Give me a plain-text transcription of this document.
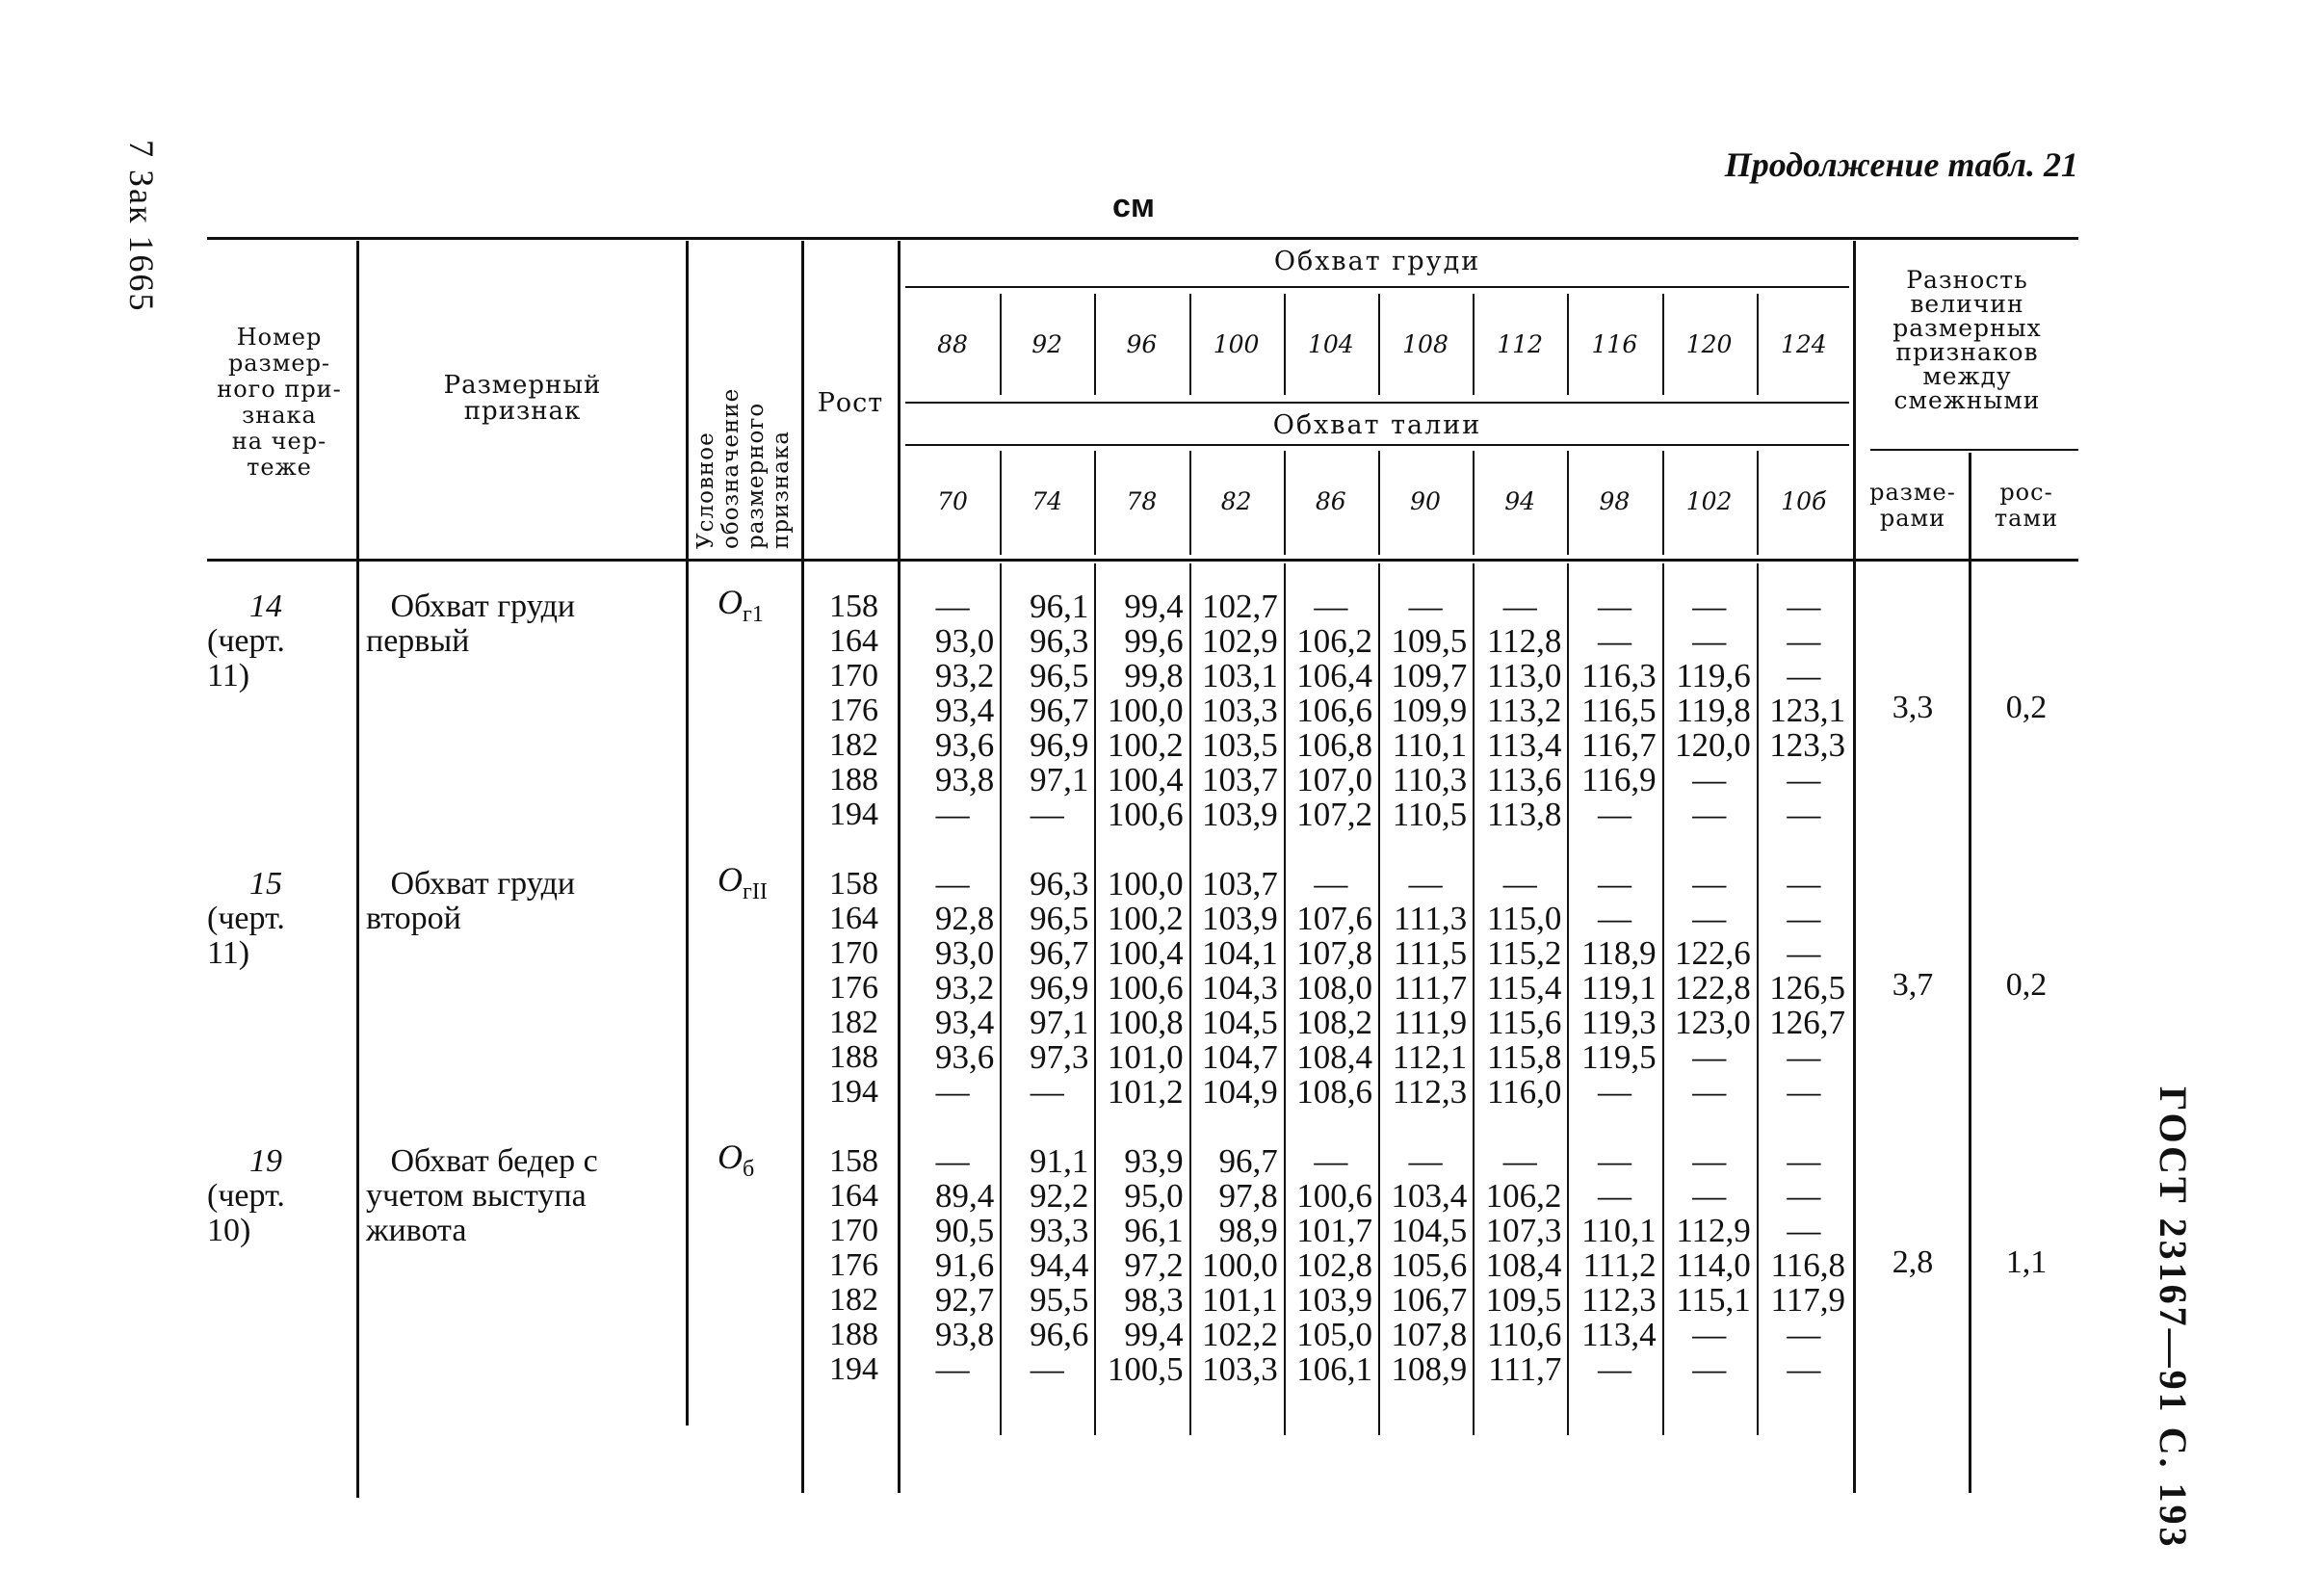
7 Зак 1665
ГОСТ 23167—91 С. 193
Продолжение табл. 21
см
Номер
размер-
ного при-
знака
на чер-
теже
Размерный
признак
Условное обозначение размерного признака
Рост
Обхват груди
Обхват талии
88	92	96	100	104	108	112	116	120	124
70	74	78	82	86	90	94	98	102	10б
Разность
величин
размерных
признаков
между
смежными
разме-
рами
рос-
тами
14
(черт.
11)
Обхват груди
первый
$О_{г1}$	158	—	96,1	99,4 102,7	—	—	—	—	—	—
164	93,0	96,3	99,6 102,9 106,2 109,5 112,8	—	—	—
170	93,2	96,5	99,8 103,1 106,4 109,7 113,0 116,3 119,6	—
176	93,4	96,7 100,0 103,3 106,6 109,9 113,2 116,5 119,8 123,1
182	93,6	96,9 100,2 103,5 106,8 110,1 113,4 116,7 120,0 123,3
188	93,8	97,1 100,4 103,7 107,0 110,3 113,6 116,9	—	—
194	—	—	100,6 103,9 107,2 110,5 113,8	—	—	—
3,3	0,2
15
(черт.
11)
Обхват груди
второй
$О_{гII}$	158	—	96,3 100,0 103,7	—	—	—	—	—	—
164	92,8	96,5 100,2 103,9 107,6 111,3 115,0	—	—	—
170	93,0	96,7 100,4 104,1 107,8 111,5 115,2 118,9 122,6	—
176	93,2	96,9 100,6 104,3 108,0 111,7 115,4 119,1 122,8 126,5
182	93,4	97,1 100,8 104,5 108,2 111,9 115,6 119,3 123,0 126,7
188	93,6	97,3 101,0 104,7 108,4 112,1 115,8 119,5	—	—
194	—	—	101,2 104,9 108,6 112,3 116,0	—	—	—
3,7	0,2
19
(черт.
10)
Обхват бедер с
учетом выступа
живота
$О_б$	158	—	91,1	93,9	96,7	—	—	—	—	—	—
164	89,4	92,2	95,0	97,8 100,6 103,4 106,2	—	—	—
170	90,5	93,3	96,1	98,9 101,7 104,5 107,3 110,1 112,9	—
176	91,6	94,4	97,2 100,0 102,8 105,6 108,4 111,2 114,0 116,8
182	92,7	95,5	98,3 101,1 103,9 106,7 109,5 112,3 115,1 117,9
188	93,8	96,6	99,4 102,2 105,0 107,8 110,6 113,4	—	—
194	—	—	100,5 103,3 106,1 108,9 111,7	—	—	—
2,8	1,1
